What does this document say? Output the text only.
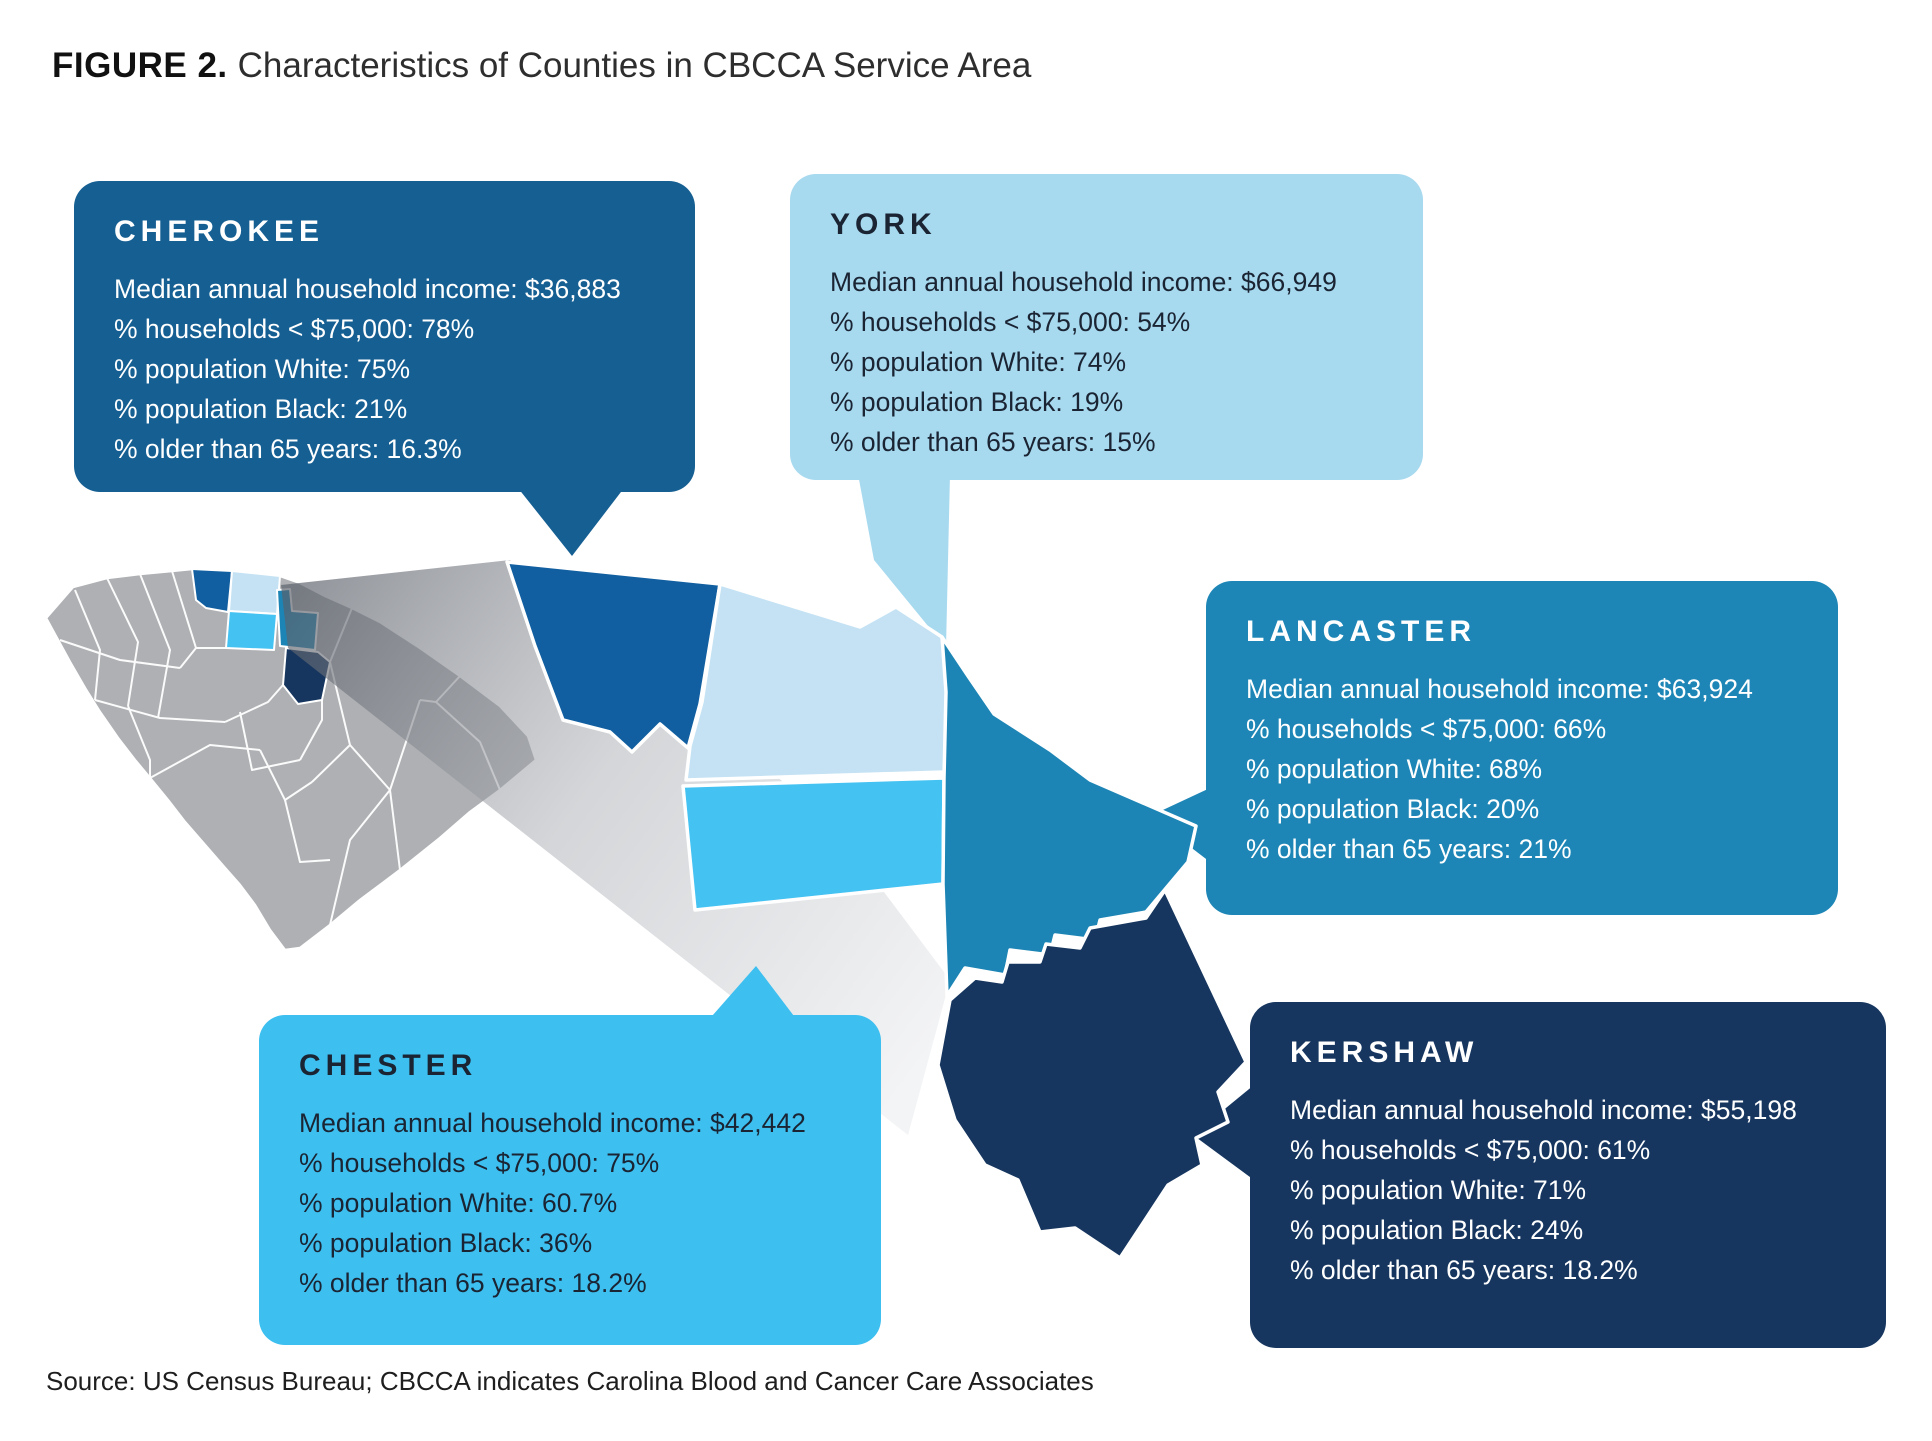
FIGURE 2. Characteristics of Counties in CBCCA Service Area
CHEROKEE
Median annual household income: $36,883
% households < $75,000: 78%
% population White: 75%
% population Black: 21%
% older than 65 years: 16.3%
YORK
Median annual household income: $66,949
% households < $75,000: 54%
% population White: 74%
% population Black: 19%
% older than 65 years: 15%
LANCASTER
Median annual household income: $63,924
% households < $75,000: 66%
% population White: 68%
% population Black: 20%
% older than 65 years: 21%
CHESTER
Median annual household income: $42,442
% households < $75,000: 75%
% population White: 60.7%
% population Black: 36%
% older than 65 years: 18.2%
KERSHAW
Median annual household income: $55,198
% households < $75,000: 61%
% population White: 71%
% population Black: 24%
% older than 65 years: 18.2%
Source: US Census Bureau; CBCCA indicates Carolina Blood and Cancer Care Associates
